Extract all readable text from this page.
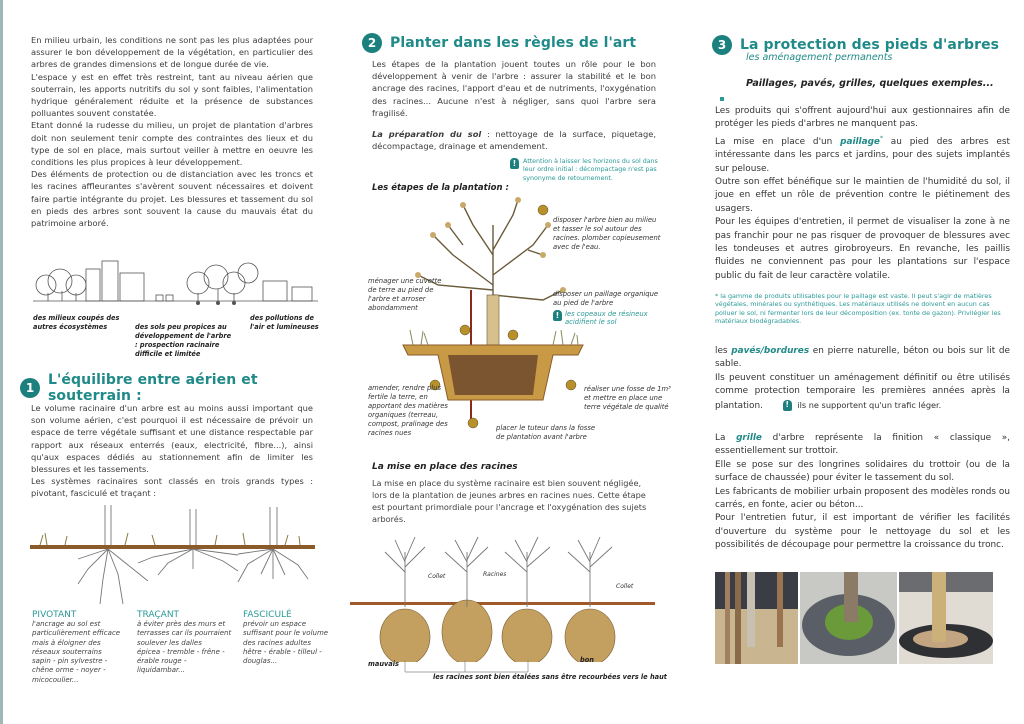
En milieu urbain, les conditions ne sont pas les plus adaptées pour assurer le bon développement de la végétation, en particulier des arbres de grandes dimensions et de longue durée de vie.

L'espace y est en effet très restreint, tant au niveau aérien que souterrain, les apports nutritifs du sol y sont faibles, l'alimentation hydrique généralement réduite et la présence de substances polluantes souvent constatée.

Etant donné la rudesse du milieu, un projet de plantation d'arbres doit non seulement tenir compte des contraintes des lieux et du type de sol en place, mais surtout veiller à mettre en oeuvre les conditions les plus propices à leur développement.

Des éléments de protection ou de distanciation avec les troncs et les racines affleurantes s'avèrent souvent nécessaires et doivent faire partie intégrante du projet. Les blessures et tassement du sol en pieds des arbres sont souvent la cause du mauvais état du patrimoine arboré.

des milieux coupés des autres écosystèmes	des sols peu propices au développement de l'arbre : prospection racinaire difficile et limitée
des pollutions de l'air et lumineuses
1 L'équilibre entre aérien et souterrain :

Le volume racinaire d'un arbre est au moins aussi important que son volume aérien, c'est pourquoi il est nécessaire de prévoir un espace de terre végétale suffisant et une distance respectable par rapport aux réseaux enterrés (eaux, electricité, fibre...), ainsi qu'aux espaces dédiés au stationnement afin de limiter les blessures et les tassements.

Les systèmes racinaires sont classés en trois grands types : pivotant, fasciculé et traçant :

PIVOTANT
l'ancrage au sol est particulièrement efficace mais à éloigner des réseaux souterrains
sapin - pin sylvestre - chêne orme - noyer - micocoulier...
TRAÇANT
à éviter près des murs et terrasses car ils pourraient soulever les dalles
épicea - tremble - frêne - érable rouge - liquidambar...
FASCICULÉ
prévoir un espace suffisant pour le volume des racines adultes
hêtre - érable - tilleul - douglas...
2 Planter dans les règles de l'art
Les étapes de la plantation jouent toutes un rôle pour le bon développement à venir de l'arbre : assurer la stabilité et le bon ancrage des racines, l'apport d'eau et de nutriments, l'oxygénation des racines... Aucune n'est à négliger, sans quoi l'arbre sera fragilisé.
La préparation du sol : nettoyage de la surface, piquetage, décompactage, drainage et amendement.
!	Attention à laisser les horizons du sol dans leur ordre initial : décompactage n'est pas synonyme de retournement.
Les étapes de la plantation :
disposer l'arbre bien au milieu et tasser le sol autour des racines. plomber copieusement avec de l'eau.
ménager une cuvette de terre au pied de l'arbre et arroser abondamment
disposer un paillage organique au pied de l'arbre
! les copeaux de résineux acidifient le sol
amender, rendre plus fertile la terre, en apportant des matières organiques (terreau, compost, pralinage des racines nues
réaliser une fosse de 1m³ et mettre en place une terre végétale de qualité
placer le tuteur dans la fosse de plantation avant l'arbre
La mise en place des racines
La mise en place du système racinaire est bien souvent négligée, lors de la plantation de jeunes arbres en racines nues. Cette étape est pourtant primordiale pour l'ancrage et l'oxygénation des sujets arborés.
Collet	Racines
Collet
mauvais	bon
les racines sont bien étalées sans être recourbées vers le haut
3 La protection des pieds d'arbres
les aménagement permanents
Paillages, pavés, grilles, quelques exemples...

Les produits qui s'offrent aujourd'hui aux gestionnaires afin de protéger les pieds d'arbres ne manquent pas.

La mise en place d'un paillage* au pied des arbres est intéressante dans les parcs et jardins, pour des sujets implantés sur pelouse.

Outre son effet bénéfique sur le maintien de l'humidité du sol, il joue en effet un rôle de prévention contre le piétinement des usagers.

Pour les équipes d'entretien, il permet de visualiser la zone à ne pas franchir pour ne pas risquer de provoquer de blessures avec les tondeuses et autres girobroyeurs. En revanche, les paillis fluides ne conviennent pas pour les plantations sur l'espace public du fait de leur caractère volatile.

* la gamme de produits utilisables pour le paillage est vaste. Il peut s'agir de matières végétales, minérales ou synthétiques. Les matériaux utilisés ne doivent en aucun cas polluer le sol, ni fermenter lors de leur décomposition (ex. tonte de gazon). Privilégier les matériaux biodégradables.

les pavés/bordures en pierre naturelle, béton ou bois sur lit de sable.

Ils peuvent constituer un aménagement définitif ou être utilisés comme protection temporaire les premières années après la plantation.	! ils ne supportent qu'un trafic léger.

La grille d'arbre représente la finition « classique », essentiellement sur trottoir.

Elle se pose sur des longrines solidaires du trottoir (ou de la surface de chaussée) pour éviter le tassement du sol.

Les fabricants de mobilier urbain proposent des modèles ronds ou carrés, en fonte, acier ou béton...

Pour l'entretien futur, il est important de vérifier les facilités d'ouverture du système pour le nettoyage du sol et les possibilités de découpage pour permettre la croissance du tronc.
